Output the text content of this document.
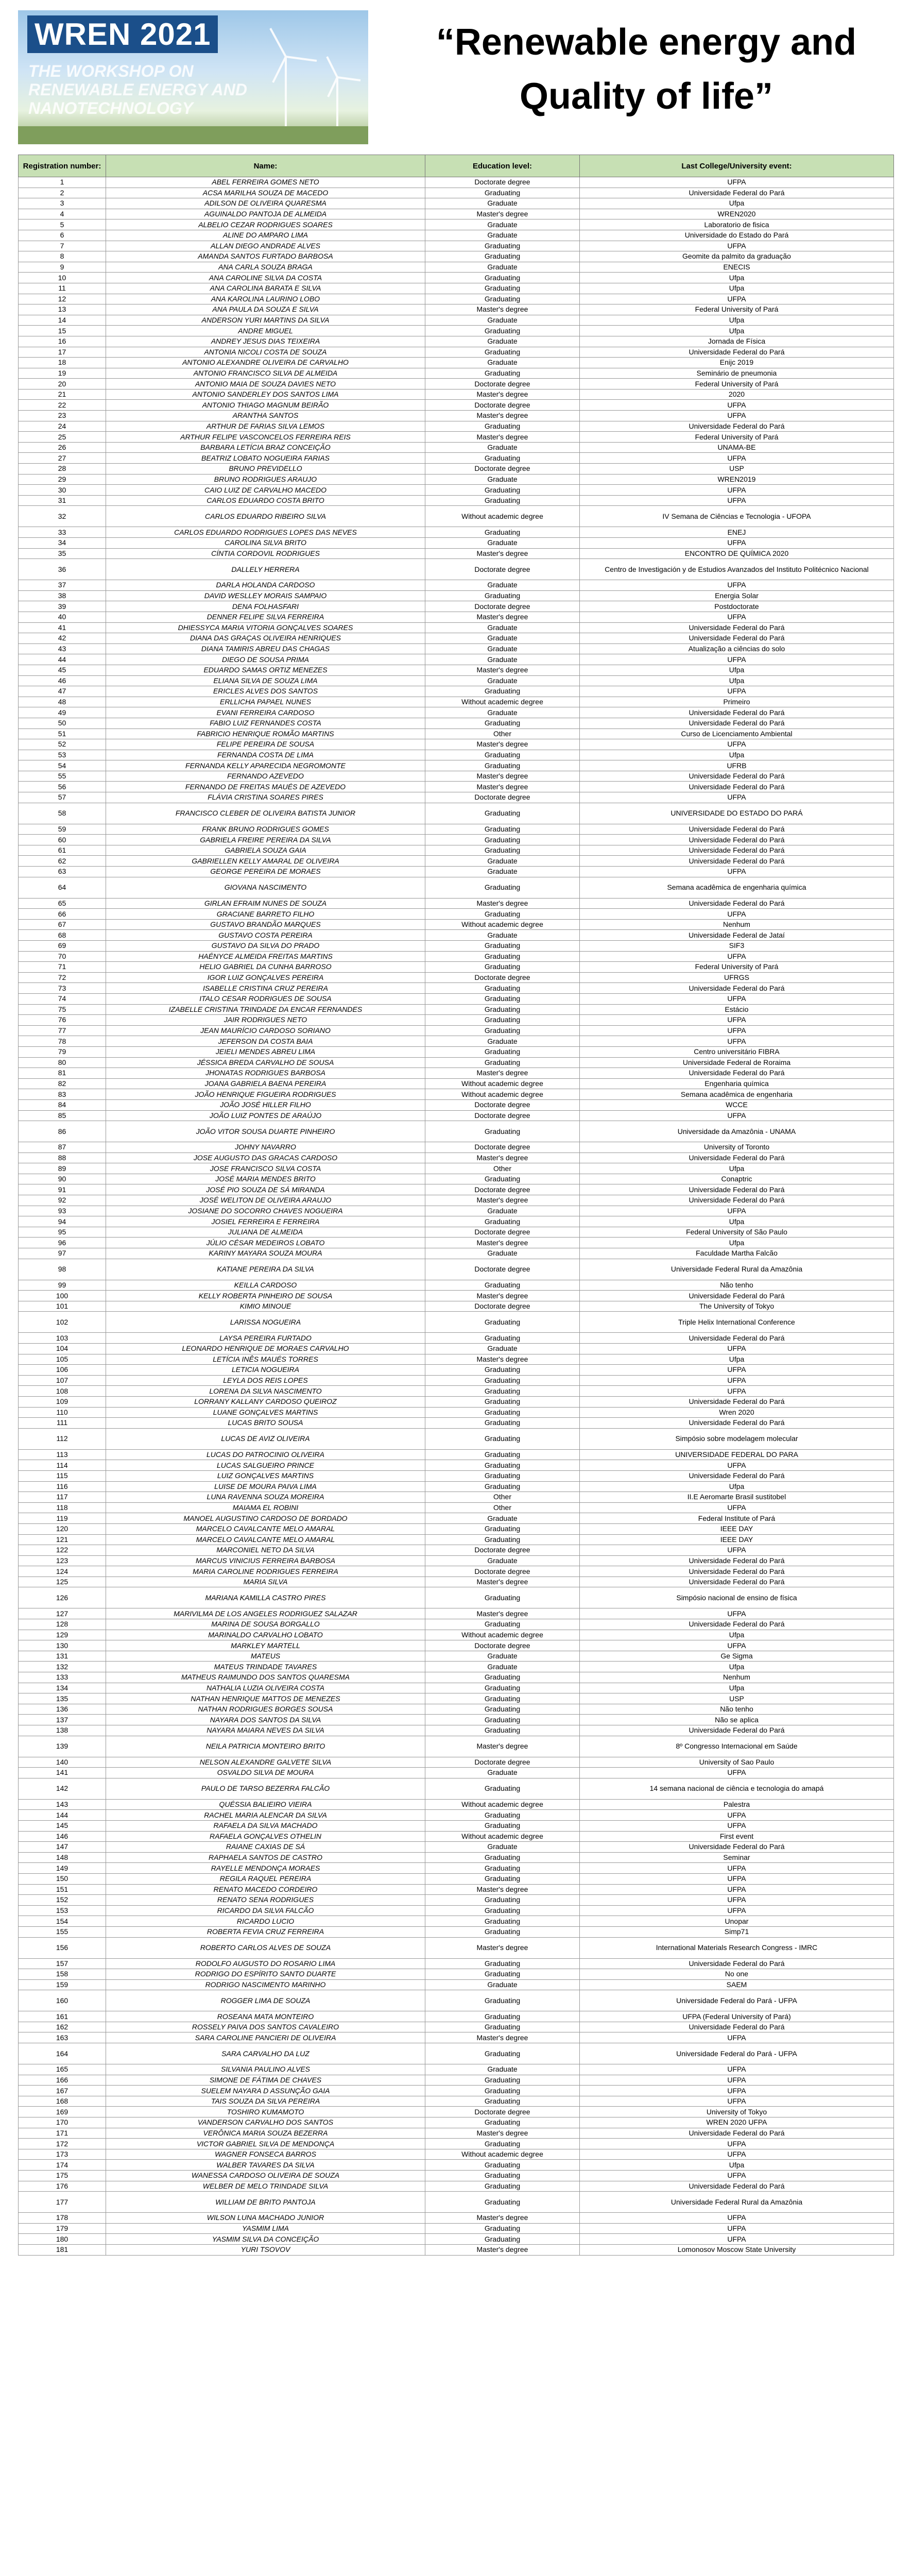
WREN 2021
THE WORKSHOP ON RENEWABLE ENERGY AND NANOTECHNOLOGY
“Renewable energy and
Quality of life”
Registration number:	Name:	Education level:	Last College/University event:
1	ABEL FERREIRA GOMES NETO	Doctorate degree	UFPA
2	ACSA MARILHA SOUZA DE MACEDO	Graduating	Universidade Federal do Pará
3	ADILSON DE OLIVEIRA QUARESMA	Graduate	Ufpa
4	AGUINALDO PANTOJA DE ALMEIDA	Master's degree	WREN2020
5	ALBELIO CEZAR RODRIGUES SOARES	Graduate	Laboratorio de fisica
6	ALINE DO AMPARO LIMA	Graduate	Universidade do Estado do Pará
7	ALLAN DIEGO ANDRADE ALVES	Graduating	UFPA
8	AMANDA SANTOS FURTADO BARBOSA	Graduating	Geomite da palmito da graduação
9	ANA CARLA SOUZA BRAGA	Graduate	ENECIS
10	ANA CAROLINE SILVA DA COSTA	Graduating	Ufpa
11	ANA CAROLINA BARATA E SILVA	Graduating	Ufpa
12	ANA KAROLINA LAURINO LOBO	Graduating	UFPA
13	ANA PAULA DA SOUZA E SILVA	Master's degree	Federal University of Pará
14	ANDERSON YURI MARTINS DA SILVA	Graduate	Ufpa
15	ANDRE MIGUEL	Graduating	Ufpa
16	ANDREY JESUS DIAS TEIXEIRA	Graduate	Jornada de Física
17	ANTONIA NICOLI COSTA DE SOUZA	Graduating	Universidade Federal do Pará
18	ANTONIO ALEXANDRE OLIVEIRA DE CARVALHO	Graduate	Enijc 2019
19	ANTONIO FRANCISCO SILVA DE ALMEIDA	Graduating	Seminário de pneumonia
20	ANTONIO MAIA DE SOUZA DAVIES NETO	Doctorate degree	Federal University of Pará
21	ANTONIO SANDERLEY DOS SANTOS LIMA	Master's degree	2020
22	ANTONIO THIAGO MAGNUM BEIRÃO	Doctorate degree	UFPA
23	ARANTHA SANTOS	Master's degree	UFPA
24	ARTHUR DE FARIAS SILVA LEMOS	Graduating	Universidade Federal do Pará
25	ARTHUR FELIPE VASCONCELOS FERREIRA REIS	Master's degree	Federal University of Pará
26	BARBARA LETÍCIA BRAZ CONCEIÇÃO	Graduate	UNAMA-BE
27	BEATRIZ LOBATO NOGUEIRA FARIAS	Graduating	UFPA
28	BRUNO PREVIDELLO	Doctorate degree	USP
29	BRUNO RODRIGUES ARAUJO	Graduate	WREN2019
30	CAIO LUIZ DE CARVALHO MACEDO	Graduating	UFPA
31	CARLOS EDUARDO COSTA BRITO	Graduating	UFPA
32	CARLOS EDUARDO RIBEIRO SILVA	Without academic degree	IV Semana de Ciências e Tecnologia - UFOPA
33	CARLOS EDUARDO RODRIGUES LOPES DAS NEVES	Graduating	ENEJ
34	CAROLINA SILVA BRITO	Graduate	UFPA
35	CÍNTIA CORDOVIL RODRIGUES	Master's degree	ENCONTRO DE QUÍMICA 2020
36	DALLELY HERRERA	Doctorate degree	Centro de Investigación y de Estudios Avanzados del Instituto Politécnico Nacional
37	DARLA HOLANDA CARDOSO	Graduate	UFPA
38	DAVID WESLLEY MORAIS SAMPAIO	Graduating	Energia Solar
39	DENA FOLHASFARI	Doctorate degree	Postdoctorate
40	DENNER FELIPE SILVA FERREIRA	Master's degree	UFPA
41	DHIESSYCA MARIA VITORIA GONÇALVES SOARES	Graduate	Universidade Federal do Pará
42	DIANA DAS GRAÇAS OLIVEIRA HENRIQUES	Graduate	Universidade Federal do Pará
43	DIANA TAMIRIS ABREU DAS CHAGAS	Graduate	Atualização a ciências do solo
44	DIEGO DE SOUSA PRIMA	Graduate	UFPA
45	EDUARDO SAMAS ORTIZ MENEZES	Master's degree	Ufpa
46	ELIANA SILVA DE SOUZA LIMA	Graduate	Ufpa
47	ERICLES ALVES DOS SANTOS	Graduating	UFPA
48	ERLLICHA PAPAEL NUNES	Without academic degree	Primeiro
49	EVANI FERREIRA CARDOSO	Graduate	Universidade Federal do Pará
50	FABIO LUIZ FERNANDES COSTA	Graduating	Universidade Federal do Pará
51	FABRICIO HENRIQUE ROMÃO MARTINS	Other	Curso de Licenciamento Ambiental
52	FELIPE PEREIRA DE SOUSA	Master's degree	UFPA
53	FERNANDA COSTA DE LIMA	Graduating	Ufpa
54	FERNANDA KELLY APARECIDA NEGROMONTE	Graduating	UFRB
55	FERNANDO AZEVEDO	Master's degree	Universidade Federal do Pará
56	FERNANDO DE FREITAS MAUÉS DE AZEVEDO	Master's degree	Universidade Federal do Pará
57	FLÁVIA CRISTINA SOARES PIRES	Doctorate degree	UFPA
58	FRANCISCO CLEBER DE OLIVEIRA BATISTA JUNIOR	Graduating	UNIVERSIDADE DO ESTADO DO PARÁ
59	FRANK BRUNO RODRIGUES GOMES	Graduating	Universidade Federal do Pará
60	GABRIELA FREIRE PEREIRA DA SILVA	Graduating	Universidade Federal do Pará
61	GABRIELA SOUZA GAIA	Graduating	Universidade Federal do Pará
62	GABRIELLEN KELLY AMARAL DE OLIVEIRA	Graduate	Universidade Federal do Pará
63	GEORGE PEREIRA DE MORAES	Graduate	UFPA
64	GIOVANA NASCIMENTO	Graduating	Semana acadêmica de engenharia química
65	GIRLAN EFRAIM NUNES DE SOUZA	Master's degree	Universidade Federal do Pará
66	GRACIANE BARRETO FILHO	Graduating	UFPA
67	GUSTAVO BRANDÃO MARQUES	Without academic degree	Nenhum
68	GUSTAVO COSTA PEREIRA	Graduate	Universidade Federal de Jataí
69	GUSTAVO DA SILVA DO PRADO	Graduating	SIF3
70	HAÉNYCE ALMEIDA FREITAS MARTINS	Graduating	UFPA
71	HELIO GABRIEL DA CUNHA BARROSO	Graduating	Federal University of Pará
72	IGOR LUIZ GONÇALVES PEREIRA	Doctorate degree	UFRGS
73	ISABELLE CRISTINA CRUZ PEREIRA	Graduating	Universidade Federal do Pará
74	ITALO CESAR RODRIGUES DE SOUSA	Graduating	UFPA
75	IZABELLE CRISTINA TRINDADE DA ENCAR FERNANDES	Graduating	Estácio
76	JAIR RODRIGUES NETO	Graduating	UFPA
77	JEAN MAURÍCIO CARDOSO SORIANO	Graduating	UFPA
78	JEFERSON DA COSTA BAIA	Graduate	UFPA
79	JEIELI MENDES ABREU LIMA	Graduating	Centro universitário FIBRA
80	JÉSSICA BREDA CARVALHO DE SOUSA	Graduating	Universidade Federal de Roraima
81	JHONATAS RODRIGUES BARBOSA	Master's degree	Universidade Federal do Pará
82	JOANA GABRIELA BAENA PEREIRA	Without academic degree	Engenharia química
83	JOÃO HENRIQUE FIGUEIRA RODRIGUES	Without academic degree	Semana acadêmica de engenharia
84	JOÃO JOSÉ HILLER FILHO	Doctorate degree	WCCE
85	JOÃO LUIZ PONTES DE ARAÚJO	Doctorate degree	UFPA
86	JOÃO VITOR SOUSA DUARTE PINHEIRO	Graduating	Universidade da Amazônia - UNAMA
87	JOHNY NAVARRO	Doctorate degree	University of Toronto
88	JOSE AUGUSTO DAS GRACAS CARDOSO	Master's degree	Universidade Federal do Pará
89	JOSE FRANCISCO SILVA COSTA	Other	Ufpa
90	JOSÉ MARIA MENDES BRITO	Graduating	Conaptric
91	JOSÉ PIO SOUZA DE SÁ MIRANDA	Doctorate degree	Universidade Federal do Pará
92	JOSÉ WELITON DE OLIVEIRA ARAUJO	Master's degree	Universidade Federal do Pará
93	JOSIANE DO SOCORRO CHAVES NOGUEIRA	Graduate	UFPA
94	JOSIEL FERREIRA E FERREIRA	Graduating	Ufpa
95	JULIANA DE ALMEIDA	Doctorate degree	Federal University of São Paulo
96	JÚLIO CÉSAR MEDEIROS LOBATO	Master's degree	Ufpa
97	KARINY MAYARA SOUZA MOURA	Graduate	Faculdade Martha Falcão
98	KATIANE PEREIRA DA SILVA	Doctorate degree	Universidade Federal Rural da Amazônia
99	KEILLA CARDOSO	Graduating	Não tenho
100	KELLY ROBERTA PINHEIRO DE SOUSA	Master's degree	Universidade Federal do Pará
101	KIMIO MINOUE	Doctorate degree	The University of Tokyo
102	LARISSA NOGUEIRA	Graduating	Triple Helix International Conference
103	LAYSA PEREIRA FURTADO	Graduating	Universidade Federal do Pará
104	LEONARDO HENRIQUE DE MORAES CARVALHO	Graduate	UFPA
105	LETÍCIA INÊS MAUÉS TORRES	Master's degree	Ufpa
106	LETICIA NOGUEIRA	Graduating	UFPA
107	LEYLA DOS REIS LOPES	Graduating	UFPA
108	LORENA DA SILVA NASCIMENTO	Graduating	UFPA
109	LORRANY KALLANY CARDOSO QUEIROZ	Graduating	Universidade Federal do Pará
110	LUANE GONÇALVES MARTINS	Graduating	Wren 2020
111	LUCAS BRITO SOUSA	Graduating	Universidade Federal do Pará
112	LUCAS DE AVIZ OLIVEIRA	Graduating	Simpósio sobre modelagem molecular
113	LUCAS DO PATROCINIO OLIVEIRA	Graduating	UNIVERSIDADE FEDERAL DO PARA
114	LUCAS SALGUEIRO PRINCE	Graduating	UFPA
115	LUIZ GONÇALVES MARTINS	Graduating	Universidade Federal do Pará
116	LUISE DE MOURA PAIVA LIMA	Graduating	Ufpa
117	LUNA RAVENNA SOUZA MOREIRA	Other	II.E Aeromarte Brasil sustitobel
118	MAIAMA EL ROBINI	Other	UFPA
119	MANOEL AUGUSTINO CARDOSO DE BORDADO	Graduate	Federal Institute of Pará
120	MARCELO CAVALCANTE MELO AMARAL	Graduating	IEEE DAY
121	MARCELO CAVALCANTE MELO AMARAL	Graduating	IEEE DAY
122	MARCONIEL NETO DA SILVA	Doctorate degree	UFPA
123	MARCUS VINICIUS FERREIRA BARBOSA	Graduate	Universidade Federal do Pará
124	MARIA CAROLINE RODRIGUES FERREIRA	Doctorate degree	Universidade Federal do Pará
125	MARIA SILVA	Master's degree	Universidade Federal do Pará
126	MARIANA KAMILLA CASTRO PIRES	Graduating	Simpósio nacional de ensino de física
127	MARIVILMA DE LOS ANGELES RODRIGUEZ SALAZAR	Master's degree	UFPA
128	MARINA DE SOUSA BORGALLO	Graduating	Universidade Federal do Pará
129	MARINALDO CARVALHO LOBATO	Without academic degree	Ufpa
130	MARKLEY MARTELL	Doctorate degree	UFPA
131	MATEUS	Graduate	Ge Sigma
132	MATEUS TRINDADE TAVARES	Graduate	Ufpa
133	MATHEUS RAIMUNDO DOS SANTOS QUARESMA	Graduating	Nenhum
134	NATHALIA LUZIA OLIVEIRA COSTA	Graduating	Ufpa
135	NATHAN HENRIQUE MATTOS DE MENEZES	Graduating	USP
136	NATHAN RODRIGUES BORGES SOUSA	Graduating	Não tenho
137	NAYARA DOS SANTOS DA SILVA	Graduating	Não se aplica
138	NAYARA MAIARA NEVES DA SILVA	Graduating	Universidade Federal do Pará
139	NEILA PATRICIA MONTEIRO BRITO	Master's degree	8º Congresso Internacional em Saúde
140	NELSON ALEXANDRE GALVETE SILVA	Doctorate degree	University of Sao Paulo
141	OSVALDO SILVA DE MOURA	Graduate	UFPA
142	PAULO DE TARSO BEZERRA FALCÃO	Graduating	14 semana nacional de ciência e tecnologia do amapá
143	QUÉSSIA BALIEIRO VIEIRA	Without academic degree	Palestra
144	RACHEL MARIA ALENCAR DA SILVA	Graduating	UFPA
145	RAFAELA DA SILVA MACHADO	Graduating	UFPA
146	RAFAELA GONÇALVES OTHELIN	Without academic degree	First event
147	RAIANE CAXIAS DE SÁ	Graduate	Universidade Federal do Pará
148	RAPHAELA SANTOS DE CASTRO	Graduating	Seminar
149	RAYELLE MENDONÇA MORAES	Graduating	UFPA
150	REGILA RAQUEL PEREIRA	Graduating	UFPA
151	RENATO MACEDO CORDEIRO	Master's degree	UFPA
152	RENATO SENA RODRIGUES	Graduating	UFPA
153	RICARDO DA SILVA FALCÃO	Graduating	UFPA
154	RICARDO LUCIO	Graduating	Unopar
155	ROBERTA FEVIA CRUZ FERREIRA	Graduating	Simp71
156	ROBERTO CARLOS ALVES DE SOUZA	Master's degree	International Materials Research Congress - IMRC
157	RODOLFO AUGUSTO DO ROSARIO LIMA	Graduating	Universidade Federal do Pará
158	RODRIGO DO ESPÍRITO SANTO DUARTE	Graduating	No one
159	RODRIGO NASCIMENTO MARINHO	Graduate	SAEM
160	ROGGER LIMA DE SOUZA	Graduating	Universidade Federal do Pará - UFPA
161	ROSEANA MATA MONTEIRO	Graduating	UFPA (Federal University of Pará)
162	ROSSELY PAIVA DOS SANTOS CAVALEIRO	Graduating	Universidade Federal do Pará
163	SARA CAROLINE PANCIERI DE OLIVEIRA	Master's degree	UFPA
164	SARA CARVALHO DA LUZ	Graduating	Universidade Federal do Pará - UFPA
165	SILVANIA PAULINO ALVES	Graduate	UFPA
166	SIMONE DE FÁTIMA DE CHAVES	Graduating	UFPA
167	SUELEM NAYARA D ASSUNÇÃO GAIA	Graduating	UFPA
168	TAIS SOUZA DA SILVA PEREIRA	Graduating	UFPA
169	TOSHIRO KUMAMOTO	Doctorate degree	University of Tokyo
170	VANDERSON CARVALHO DOS SANTOS	Graduating	WREN 2020 UFPA
171	VERÔNICA MARIA SOUZA BEZERRA	Master's degree	Universidade Federal do Pará
172	VICTOR GABRIEL SILVA DE MENDONÇA	Graduating	UFPA
173	WAGNER FONSECA BARROS	Without academic degree	UFPA
174	WALBER TAVARES DA SILVA	Graduating	Ufpa
175	WANESSA CARDOSO OLIVEIRA DE SOUZA	Graduating	UFPA
176	WELBER DE MELO TRINDADE SILVA	Graduating	Universidade Federal do Pará
177	WILLIAM DE BRITO PANTOJA	Graduating	Universidade Federal Rural da Amazônia
178	WILSON LUNA MACHADO JUNIOR	Master's degree	UFPA
179	YASMIM LIMA	Graduating	UFPA
180	YASMIM SILVA DA CONCEIÇÃO	Graduating	UFPA
181	YURI TSOVOV	Master's degree	Lomonosov Moscow State University
